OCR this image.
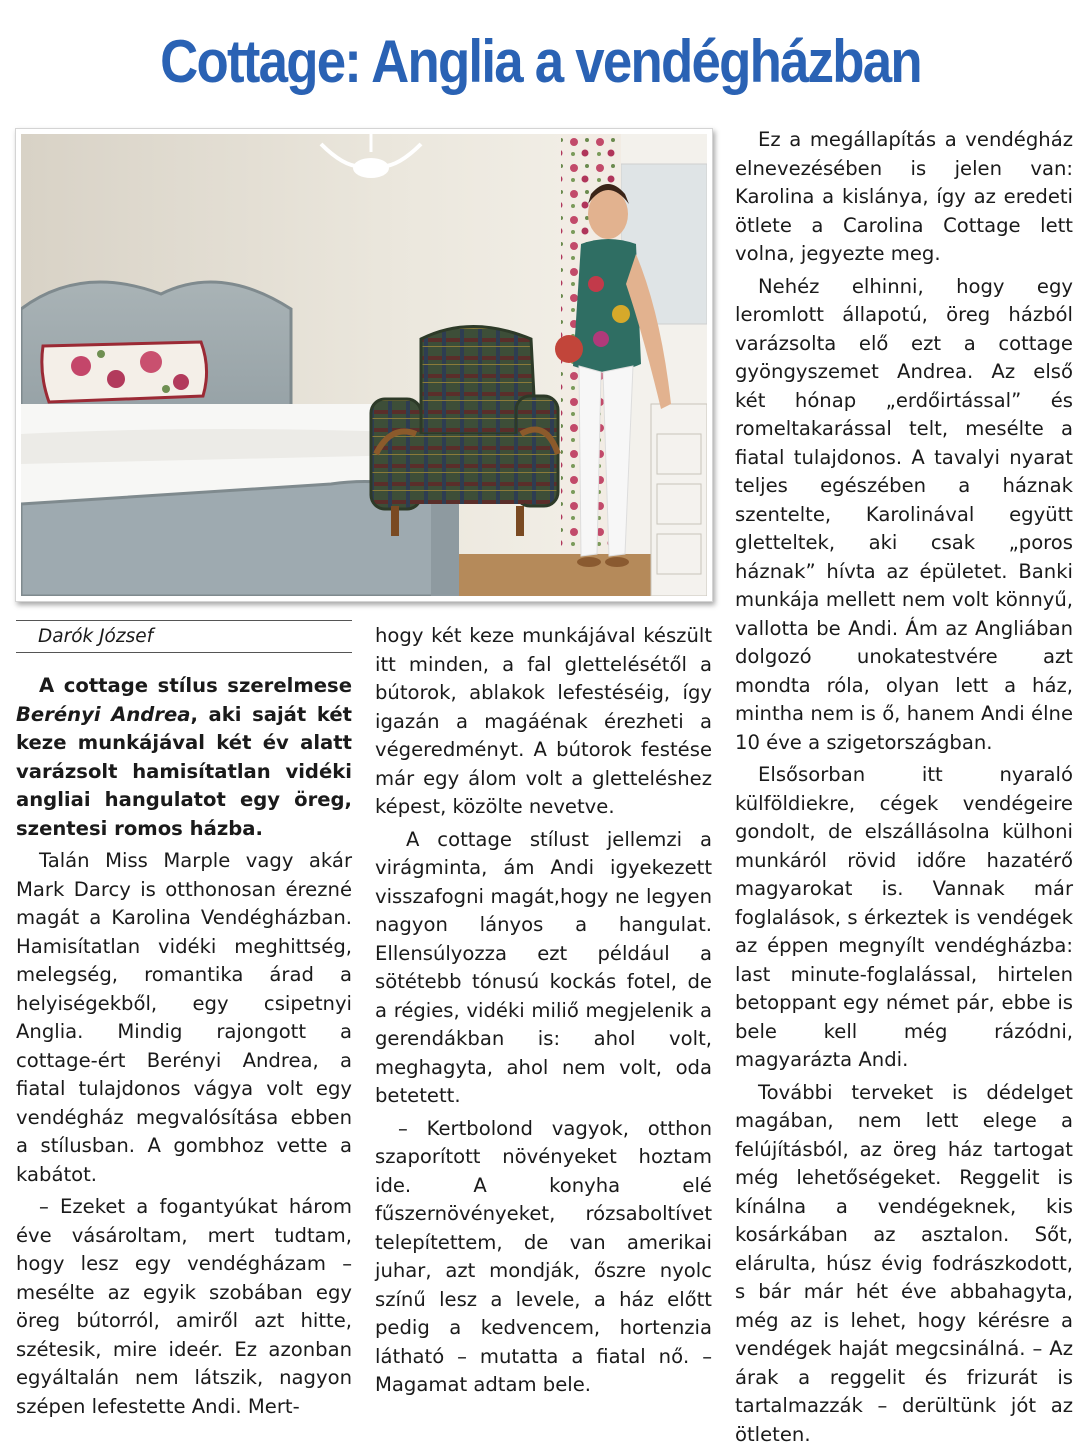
Cottage: Anglia a vendégházban
Darók József

A cottage stílus szerelmese Berényi Andrea, aki saját két keze munkájával két év alatt varázsolt hamisítatlan vidéki angliai hangulatot egy öreg, szentesi romos házba.

Talán Miss Marple vagy akár Mark Darcy is otthonosan érezné magát a Karolina Vendégházban. Hamisítatlan vidéki meghittség, melegség, romantika árad a helyiségekből, egy csipetnyi Anglia. Mindig rajongott a cottage-ért Berényi Andrea, a fiatal tulajdonos vágya volt egy vendégház megvalósítása ebben a stílusban. A gombhoz vette a kabátot.

– Ezeket a fogantyúkat három éve vásároltam, mert tudtam, hogy lesz egy vendégházam – mesélte az egyik szobában egy öreg bútorról, amiről azt hitte, szétesik, mire ideér. Ez azonban egyáltalán nem látszik, nagyon szépen lefestette Andi. Mert-

hogy két keze munkájával készült itt minden, a fal glettelésétől a bútorok, ablakok lefestéséig, így igazán a magáénak érezheti a végeredményt. A bútorok festése már egy álom volt a gletteléshez képest, közölte nevetve.

A cottage stílust jellemzi a virágminta, ám Andi igyekezett visszafogni magát,hogy ne legyen nagyon lányos a hangulat. Ellensúlyozza ezt például a sötétebb tónusú kockás fotel, de a régies, vidéki miliő megjelenik a gerendákban is: ahol volt, meghagyta, ahol nem volt, oda betetett.

– Kertbolond vagyok, otthon szaporított növényeket hoztam ide. A konyha elé fűszernövényeket, rózsaboltívet telepítettem, de van amerikai juhar, azt mondják, őszre nyolc színű lesz a levele, a ház előtt pedig a kedvencem, hortenzia látható – mutatta a fiatal nő. – Magamat adtam bele.

Ez a megállapítás a vendégház elnevezésében is jelen van: Karolina a kislánya, így az eredeti ötlete a Carolina Cottage lett volna, jegyezte meg.

Nehéz elhinni, hogy egy leromlott állapotú, öreg házból varázsolta elő ezt a cottage gyöngyszemet Andrea. Az első két hónap „erdőirtással” és romeltakarással telt, mesélte a fiatal tulajdonos. A tavalyi nyarat teljes egészében a háznak szentelte, Karolinával együtt gletteltek, aki csak „poros háznak” hívta az épületet. Banki munkája mellett nem volt könnyű, vallotta be Andi. Ám az Angliában dolgozó unokatestvére azt mondta róla, olyan lett a ház, mintha nem is ő, hanem Andi élne 10 éve a szigetországban.

Elsősorban itt nyaraló külföldiekre, cégek vendégeire gondolt, de elszállásolna külhoni munkáról rövid időre hazatérő magyarokat is. Vannak már foglalások, s érkeztek is vendégek az éppen megnyílt vendégházba: last minute-foglalással, hirtelen betoppant egy német pár, ebbe is bele kell még rázódni, magyarázta Andi.

További terveket is dédelget magában, nem lett elege a felújításból, az öreg ház tartogat még lehetőségeket. Reggelit is kínálna a vendégeknek, kis kosárkában az asztalon. Sőt, elárulta, húsz évig fodrászkodott, s bár már hét éve abbahagyta, még az is lehet, hogy kérésre a vendégek haját megcsinálná. – Az árak a reggelit és frizurát is tartalmazzák – derültünk jót az ötleten.
